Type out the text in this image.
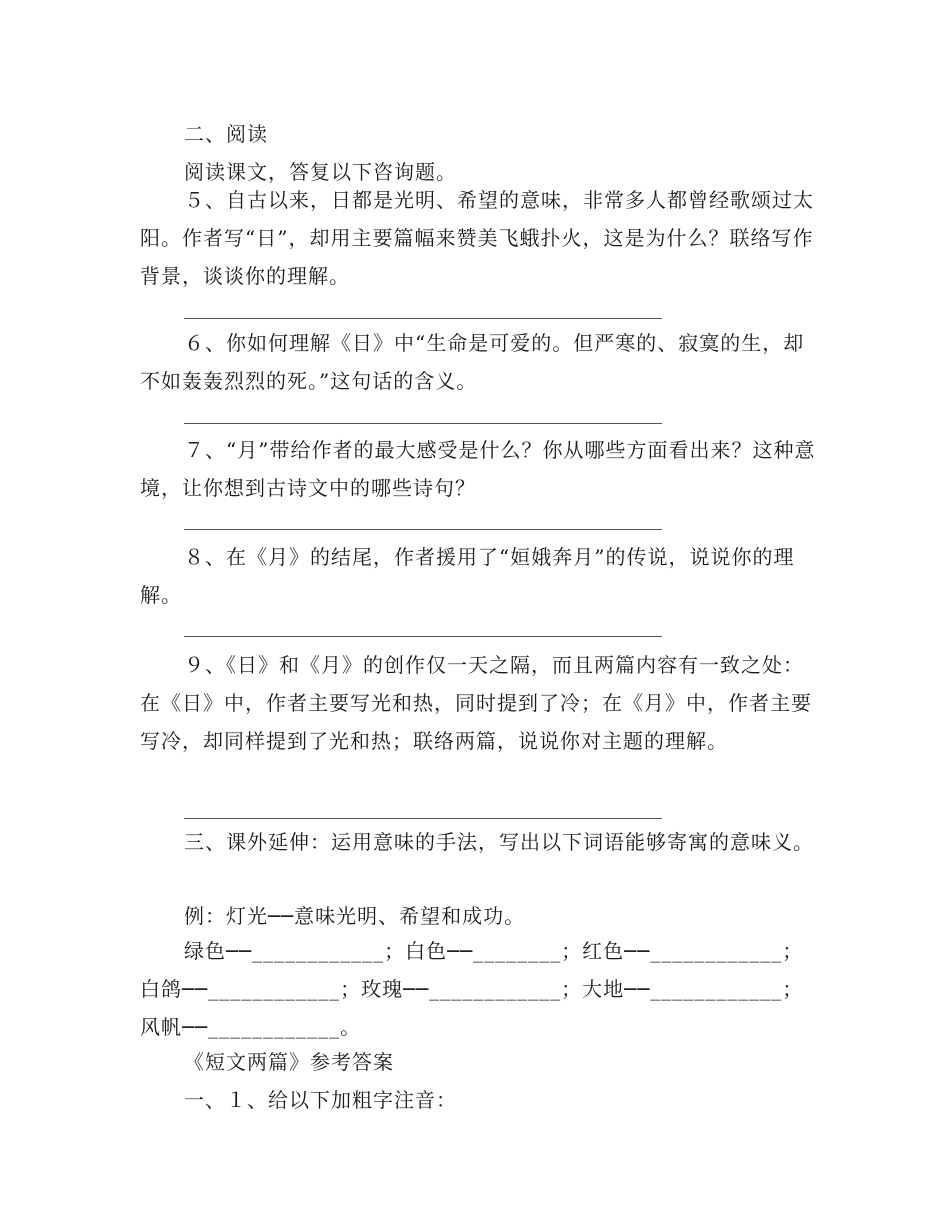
二、阅读
阅读课文，答复以下咨询题。
５、自古以来，日都是光明、希望的意味，非常多人都曾经歌颂过太阳。作者写“日”，却用主要篇幅来赞美飞蛾扑火，这是为什么？联络写作背景，谈谈你的理解。
６、你如何理解《日》中“生命是可爱的。但严寒的、寂寞的生，却不如轰轰烈烈的死。”这句话的含义。
７、“月”带给作者的最大感受是什么？你从哪些方面看出来？这种意境，让你想到古诗文中的哪些诗句？
８、在《月》的结尾，作者援用了“姮娥奔月”的传说，说说你的理解。
９、《日》和《月》的创作仅一天之隔，而且两篇内容有一致之处：在《日》中，作者主要写光和热，同时提到了冷；在《月》中，作者主要写冷，却同样提到了光和热；联络两篇，说说你对主题的理解。
三、课外延伸：运用意味的手法，写出以下词语能够寄寓的意味义。
例：灯光──意味光明、希望和成功。
绿色──____________；白色──________；红色──____________；白鸽──____________；玫瑰──____________；大地──____________；风帆──____________。
《短文两篇》参考答案
一、１、给以下加粗字注音：
